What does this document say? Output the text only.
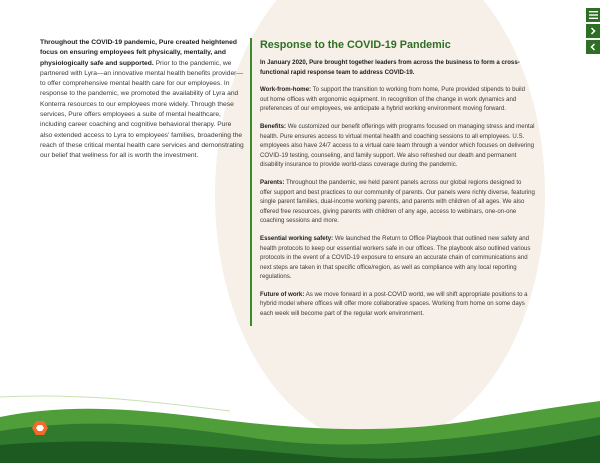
Throughout the COVID-19 pandemic, Pure created heightened focus on ensuring employees felt physically, mentally, and physiologically safe and supported. Prior to the pandemic, we partnered with Lyra—an innovative mental health benefits provider—to offer comprehensive mental health care for our employees. In response to the pandemic, we promoted the availability of Lyra and Konterra resources to our employees more widely. Through these services, Pure offers employees a suite of mental healthcare, including career coaching and cognitive behavioral therapy. Pure also extended access to Lyra to employees' families, broadening the reach of these critical mental health care services and demonstrating our belief that wellness for all is worth the investment.
Response to the COVID-19 Pandemic
In January 2020, Pure brought together leaders from across the business to form a cross-functional rapid response team to address COVID-19.
Work-from-home: To support the transition to working from home, Pure provided stipends to build out home offices with ergonomic equipment. In recognition of the change in work dynamics and preferences of our employees, we anticipate a hybrid working environment moving forward.
Benefits: We customized our benefit offerings with programs focused on managing stress and mental health. Pure ensures access to virtual mental health and coaching sessions to all employees. U.S. employees also have 24/7 access to a virtual care team through a vendor which focuses on delivering COVID-19 testing, counseling, and family support. We also refreshed our death and permanent disability insurance to provide world-class coverage during the pandemic.
Parents: Throughout the pandemic, we held parent panels across our global regions designed to offer support and best practices to our community of parents. Our panels were richly diverse, featuring single parent families, dual-income working parents, and parents with children of all ages. We also offered free resources, giving parents with children of any age, access to webinars, one-on-one coaching sessions and more.
Essential working safety: We launched the Return to Office Playbook that outlined new safety and health protocols to keep our essential workers safe in our offices. The playbook also outlined various protocols in the event of a COVID-19 exposure to ensure an accurate chain of communications and next steps are taken in that specific office/region, as well as compliance with any local reporting regulations.
Future of work: As we move forward in a post-COVID world, we will shift appropriate positions to a hybrid model where offices will offer more collaborative spaces. Working from home on some days each week will become part of the regular work environment.
